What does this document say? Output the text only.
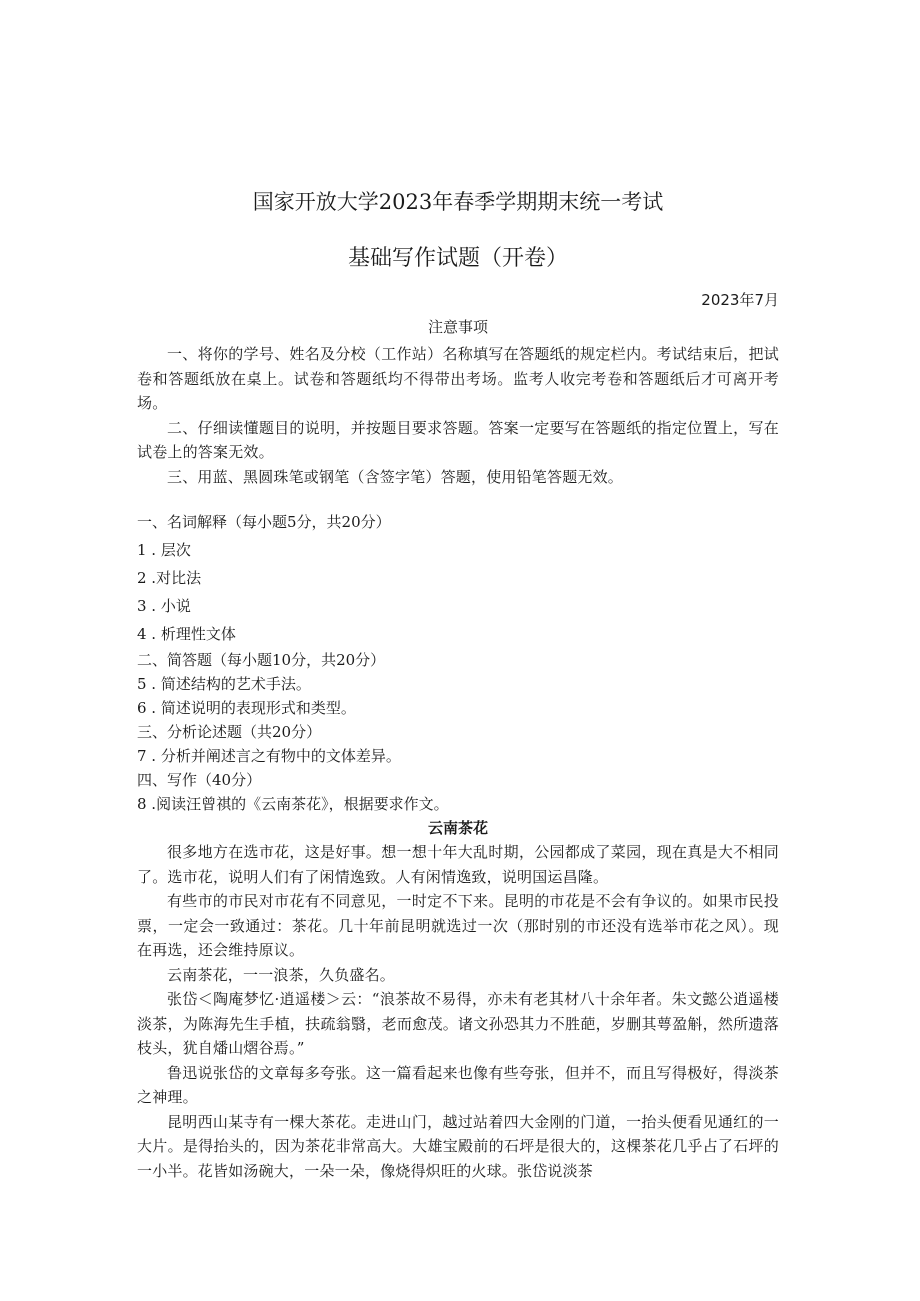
国家开放大学2023年春季学期期末统一考试
基础写作试题（开卷）
2023年7月
注意事项

一、将你的学号、姓名及分校（工作站）名称填写在答题纸的规定栏内。考试结束后，把试卷和答题纸放在桌上。试卷和答题纸均不得带出考场。监考人收完考卷和答题纸后才可离开考场。

二、仔细读懂题目的说明，并按题目要求答题。答案一定要写在答题纸的指定位置上，写在试卷上的答案无效。

三、用蓝、黑圆珠笔或钢笔（含签字笔）答题，使用铅笔答题无效。

一、名词解释（每小题5分，共20分）

1 . 层次

2 .对比法

3 . 小说

4 . 析理性文体

二、简答题（每小题10分，共20分）

5 . 简述结构的艺术手法。

6 . 简述说明的表现形式和类型。

三、分析论述题（共20分）

7 . 分析并阐述言之有物中的文体差异。

四、写作（40分）

8 .阅读汪曾祺的《云南茶花》，根据要求作文。

云南茶花

很多地方在选市花，这是好事。想一想十年大乱时期，公园都成了菜园，现在真是大不相同了。选市花，说明人们有了闲情逸致。人有闲情逸致，说明国运昌隆。

有些市的市民对市花有不同意见，一时定不下来。昆明的市花是不会有争议的。如果市民投票，一定会一致通过：茶花。几十年前昆明就选过一次（那时别的市还没有选举市花之风）。现在再选，还会维持原议。

云南茶花，一一浪茶，久负盛名。

张岱＜陶庵梦忆·逍遥楼＞云：“浪茶故不易得，亦未有老其材八十余年者。朱文懿公逍遥楼淡茶，为陈海先生手植，扶疏翁翳，老而愈茂。诸文孙恐其力不胜葩，岁删其萼盈斛，然所遗落枝头，犹自燔山熠谷焉。”

鲁迅说张岱的文章每多夸张。这一篇看起来也像有些夸张，但并不，而且写得极好，得淡茶之神理。

昆明西山某寺有一棵大茶花。走进山门，越过站着四大金刚的门道，一抬头便看见通红的一大片。是得抬头的，因为茶花非常高大。大雄宝殿前的石坪是很大的，这棵茶花几乎占了石坪的一小半。花皆如汤碗大，一朵一朵，像烧得炽旺的火球。张岱说淡茶
